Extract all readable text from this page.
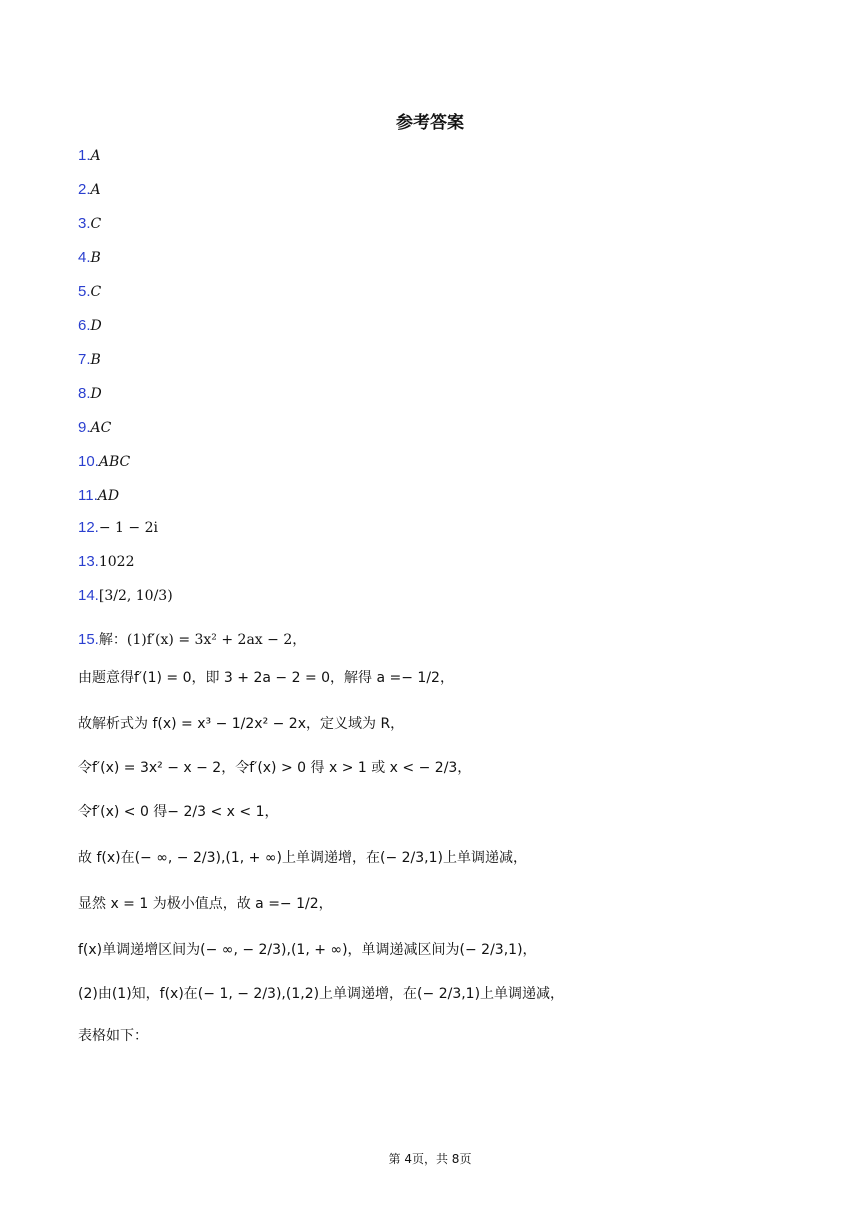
参考答案
1.A
2.A
3.C
4.B
5.C
6.D
7.B
8.D
9.AC
10.ABC
11.AD
12.− 1 − 2i
13.1022
14.[3/2, 10/3)
15.解：(1)f′(x) = 3x² + 2ax − 2，
由题意得f′(1) = 0，即 3 + 2a − 2 = 0，解得 a =− 1/2，
故解析式为 f(x) = x³ − 1/2x² − 2x，定义域为 R，
令f′(x) = 3x² − x − 2，令f′(x) > 0 得 x > 1 或 x < − 2/3，
令f′(x) < 0 得− 2/3 < x < 1，
故 f(x)在(− ∞, − 2/3),(1, + ∞)上单调递增，在(− 2/3,1)上单调递减，
显然 x = 1 为极小值点，故 a =− 1/2，
f(x)单调递增区间为(− ∞, − 2/3),(1, + ∞)，单调递减区间为(− 2/3,1)，
(2)由(1)知，f(x)在(− 1, − 2/3),(1,2)上单调递增，在(− 2/3,1)上单调递减，
表格如下：
第 4页，共 8页
